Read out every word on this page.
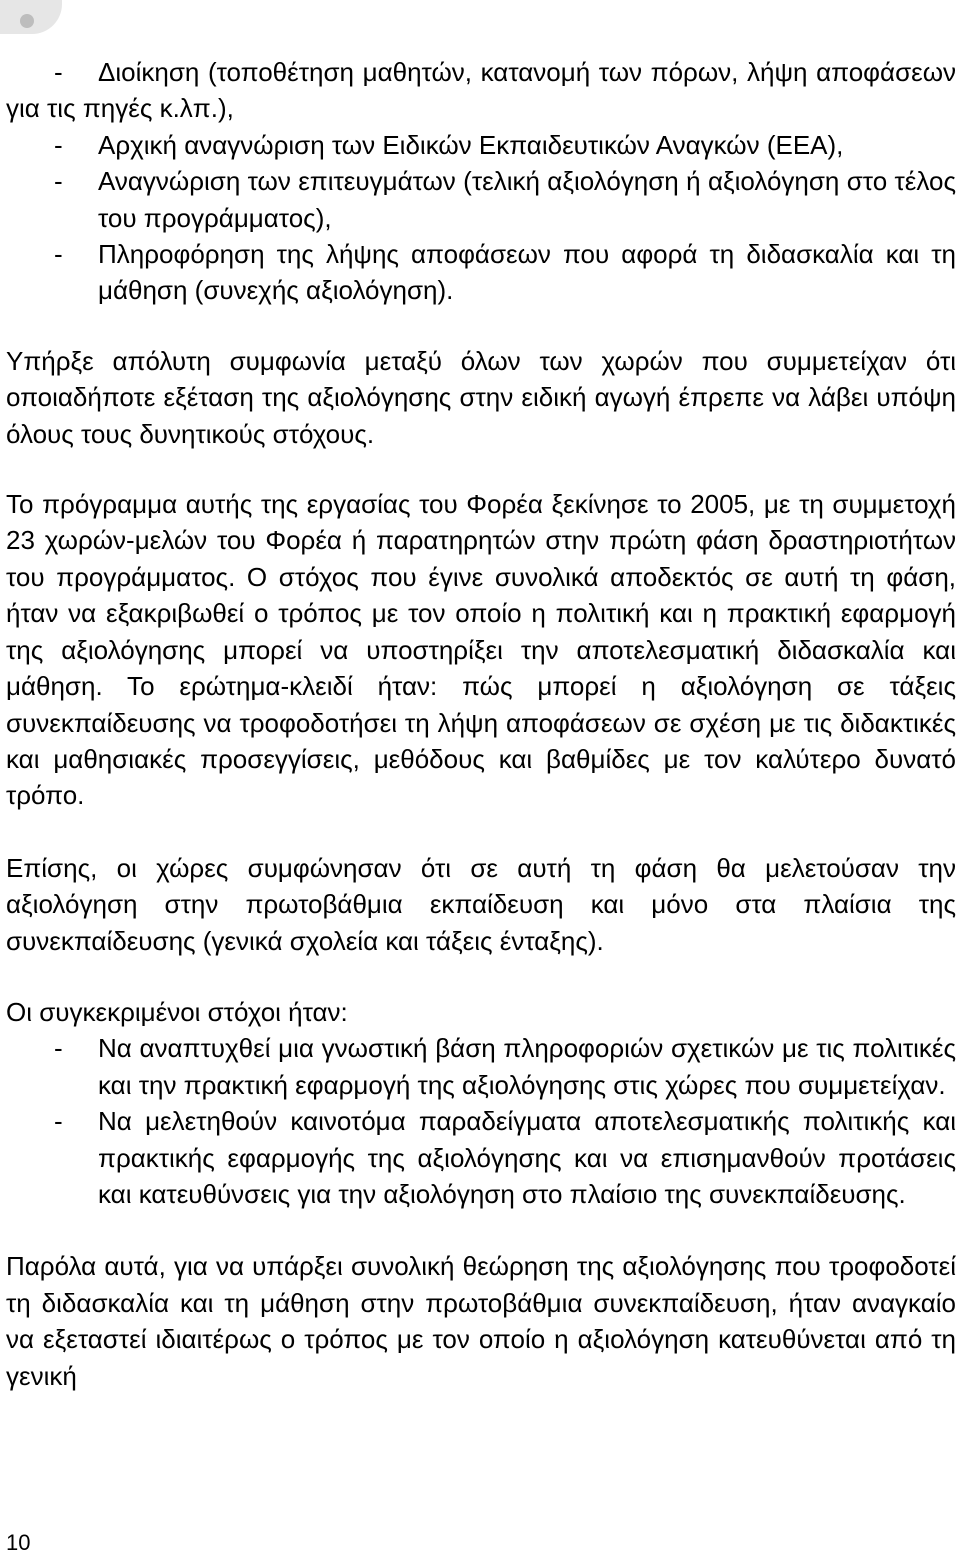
- Διοίκηση (τοποθέτηση μαθητών, κατανομή των πόρων, λήψη αποφάσεων για τις πηγές κ.λπ.),
- Αρχική αναγνώριση των Ειδικών Εκπαιδευτικών Αναγκών (ΕΕΑ),
- Αναγνώριση των επιτευγμάτων (τελική αξιολόγηση ή αξιολόγηση στο τέλος του προγράμματος),
- Πληροφόρηση της λήψης αποφάσεων που αφορά τη διδασκαλία και τη μάθηση (συνεχής αξιολόγηση).

Υπήρξε απόλυτη συμφωνία μεταξύ όλων των χωρών που συμμετείχαν ότι οποιαδήποτε εξέταση της αξιολόγησης στην ειδική αγωγή έπρεπε να λάβει υπόψη όλους τους δυνητικούς στόχους.

Το πρόγραμμα αυτής της εργασίας του Φορέα ξεκίνησε το 2005, με τη συμμετοχή 23 χωρών-μελών του Φορέα ή παρατηρητών στην πρώτη φάση δραστηριοτήτων του προγράμματος. Ο στόχος που έγινε συνολικά αποδεκτός σε αυτή τη φάση, ήταν να εξακριβωθεί ο τρόπος με τον οποίο η πολιτική και η πρακτική εφαρμογή της αξιολόγησης μπορεί να υποστηρίξει την αποτελεσματική διδασκαλία και μάθηση. Το ερώτημα-κλειδί ήταν: πώς μπορεί η αξιολόγηση σε τάξεις συνεκπαίδευσης να τροφοδοτήσει τη λήψη αποφάσεων σε σχέση με τις διδακτικές και μαθησιακές προσεγγίσεις, μεθόδους και βαθμίδες με τον καλύτερο δυνατό τρόπο.

Επίσης, οι χώρες συμφώνησαν ότι σε αυτή τη φάση θα μελετούσαν την αξιολόγηση στην πρωτοβάθμια εκπαίδευση και μόνο στα πλαίσια της συνεκπαίδευσης (γενικά σχολεία και τάξεις ένταξης).

Οι συγκεκριμένοι στόχοι ήταν:

- Να αναπτυχθεί μια γνωστική βάση πληροφοριών σχετικών με τις πολιτικές και την πρακτική εφαρμογή της αξιολόγησης στις χώρες που συμμετείχαν.
- Να μελετηθούν καινοτόμα παραδείγματα αποτελεσματικής πολιτικής και πρακτικής εφαρμογής της αξιολόγησης και να επισημανθούν προτάσεις και κατευθύνσεις για την αξιολόγηση στο πλαίσιο της συνεκπαίδευσης.

Παρόλα αυτά, για να υπάρξει συνολική θεώρηση της αξιολόγησης που τροφοδοτεί τη διδασκαλία και τη μάθηση στην πρωτοβάθμια συνεκπαίδευση, ήταν αναγκαίο να εξεταστεί ιδιαιτέρως ο τρόπος με τον οποίο η αξιολόγηση κατευθύνεται από τη γενική

10
